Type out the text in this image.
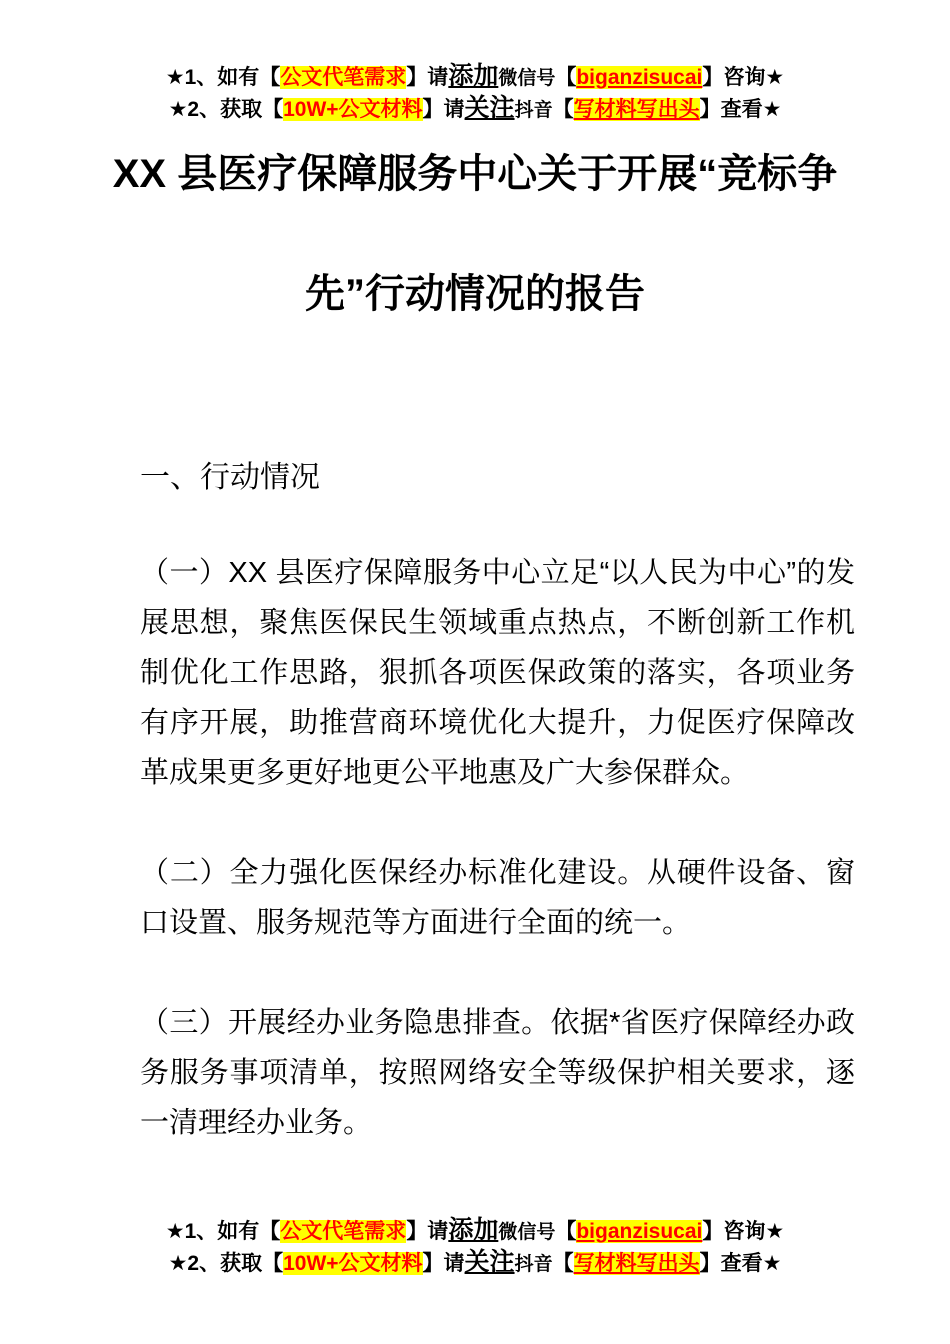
★1、如有【公文代笔需求】请添加微信号【biganzisucai】咨询★
★2、获取【10W+公文材料】请关注抖音【写材料写出头】查看★
XX 县医疗保障服务中心关于开展“竞标争
先”行动情况的报告
一、行动情况

（一）XX 县医疗保障服务中心立足“以人民为中心”的发展思想，聚焦医保民生领域重点热点，不断创新工作机制优化工作思路，狠抓各项医保政策的落实，各项业务有序开展，助推营商环境优化大提升，力促医疗保障改革成果更多更好地更公平地惠及广大参保群众。

（二）全力强化医保经办标准化建设。从硬件设备、窗口设置、服务规范等方面进行全面的统一。

（三）开展经办业务隐患排查。依据*省医疗保障经办政务服务事项清单，按照网络安全等级保护相关要求，逐一清理经办业务。

★1、如有【公文代笔需求】请添加微信号【biganzisucai】咨询★
★2、获取【10W+公文材料】请关注抖音【写材料写出头】查看★
